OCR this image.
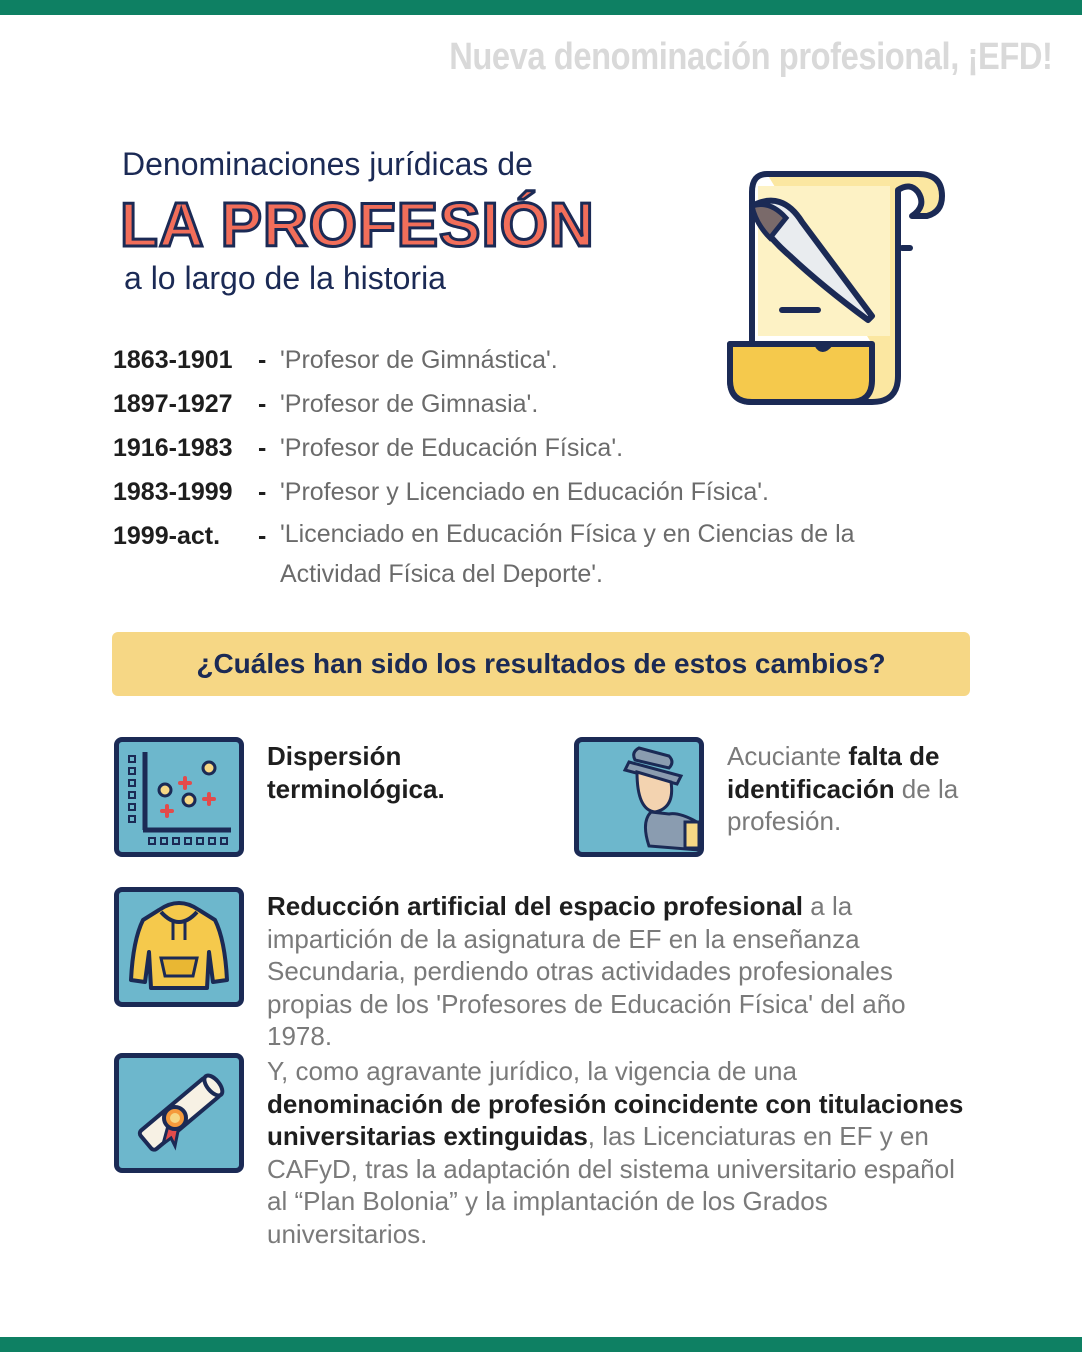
Nueva denominación profesional, ¡EFD!
Denominaciones jurídicas de
LA PROFESIÓN
a lo largo de la historia
1863-1901	- 'Profesor de Gimnástica'.
1897-1927	- 'Profesor de Gimnasia'.
1916-1983	- 'Profesor de Educación Física'.
1983-1999	- 'Profesor y Licenciado en Educación Física'.
1999-act.	- 'Licenciado en Educación Física y en Ciencias de la Actividad Física del Deporte'.
¿Cuáles han sido los resultados de estos cambios?
Dispersión terminológica.
Acuciante falta de identificación de la profesión.
Reducción artificial del espacio profesional a la impartición de la asignatura de EF en la enseñanza Secundaria, perdiendo otras actividades profesionales propias de los 'Profesores de Educación Física' del año 1978.
Y, como agravante jurídico, la vigencia de una denominación de profesión coincidente con titulaciones universitarias extinguidas, las Licenciaturas en EF y en CAFyD, tras la adaptación del sistema universitario español al “Plan Bolonia” y la implantación de los Grados universitarios.
